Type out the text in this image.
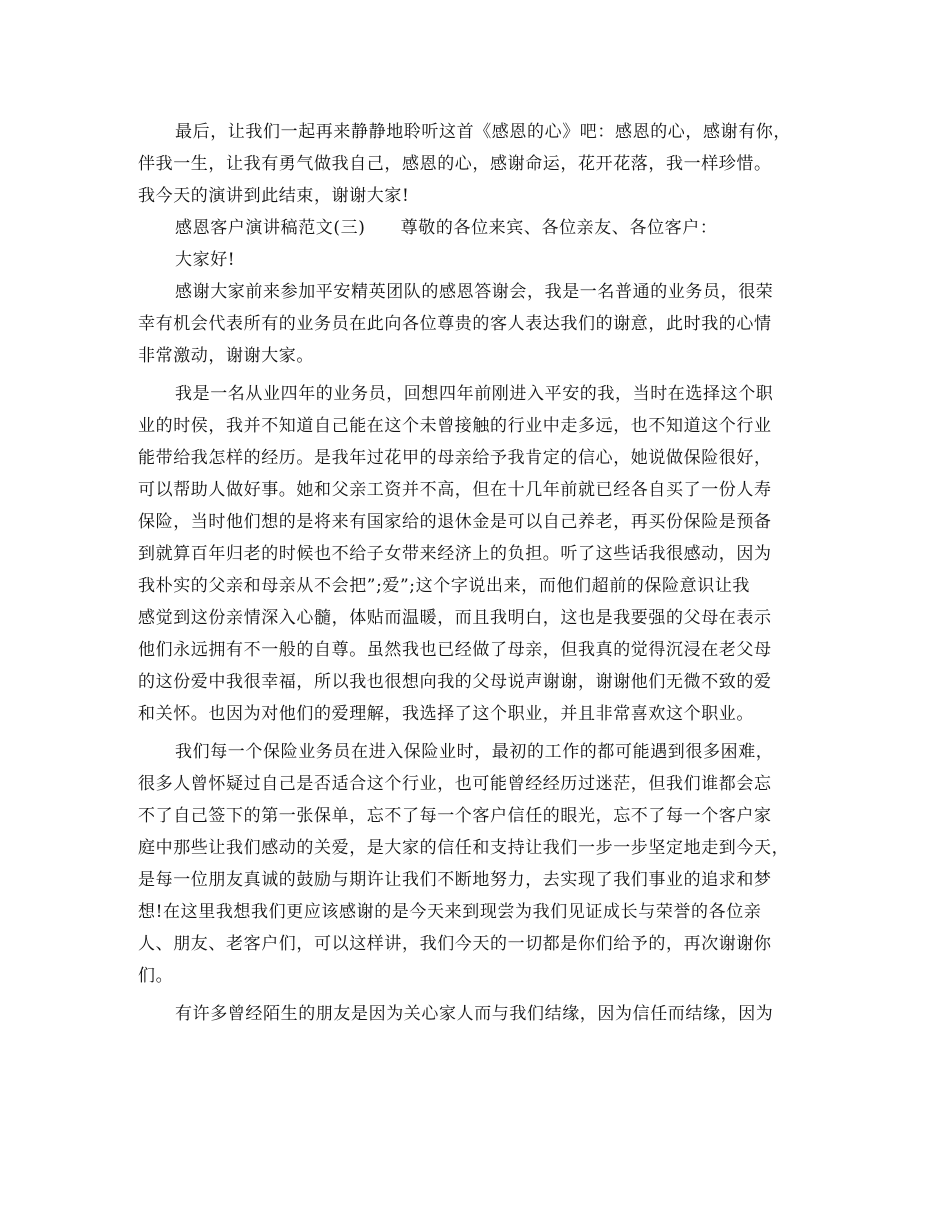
最后，让我们一起再来静静地聆听这首《感恩的心》吧：感恩的心，感谢有你，
伴我一生，让我有勇气做我自己，感恩的心，感谢命运，花开花落，我一样珍惜。
我今天的演讲到此结束，谢谢大家!
感恩客户演讲稿范文(三)　　尊敬的各位来宾、各位亲友、各位客户：
大家好!
感谢大家前来参加平安精英团队的感恩答谢会，我是一名普通的业务员，很荣
幸有机会代表所有的业务员在此向各位尊贵的客人表达我们的谢意，此时我的心情
非常激动，谢谢大家。
我是一名从业四年的业务员，回想四年前刚进入平安的我，当时在选择这个职
业的时侯，我并不知道自己能在这个未曾接触的行业中走多远，也不知道这个行业
能带给我怎样的经历。是我年过花甲的母亲给予我肯定的信心，她说做保险很好，
可以帮助人做好事。她和父亲工资并不高，但在十几年前就已经各自买了一份人寿
保险，当时他们想的是将来有国家给的退休金是可以自己养老，再买份保险是预备
到就算百年归老的时候也不给子女带来经济上的负担。听了这些话我很感动，因为
我朴实的父亲和母亲从不会把”;爱”;这个字说出来，而他们超前的保险意识让我
感觉到这份亲情深入心髓，体贴而温暖，而且我明白，这也是我要强的父母在表示
他们永远拥有不一般的自尊。虽然我也已经做了母亲，但我真的觉得沉浸在老父母
的这份爱中我很幸福，所以我也很想向我的父母说声谢谢，谢谢他们无微不致的爱
和关怀。也因为对他们的爱理解，我选择了这个职业，并且非常喜欢这个职业。
我们每一个保险业务员在进入保险业时，最初的工作的都可能遇到很多困难，
很多人曾怀疑过自己是否适合这个行业，也可能曾经经历过迷茫，但我们谁都会忘
不了自己签下的第一张保单，忘不了每一个客户信任的眼光，忘不了每一个客户家
庭中那些让我们感动的关爱，是大家的信任和支持让我们一步一步坚定地走到今天，
是每一位朋友真诚的鼓励与期许让我们不断地努力，去实现了我们事业的追求和梦
想!在这里我想我们更应该感谢的是今天来到现尝为我们见证成长与荣誉的各位亲
人、朋友、老客户们，可以这样讲，我们今天的一切都是你们给予的，再次谢谢你
们。
有许多曾经陌生的朋友是因为关心家人而与我们结缘，因为信任而结缘，因为
